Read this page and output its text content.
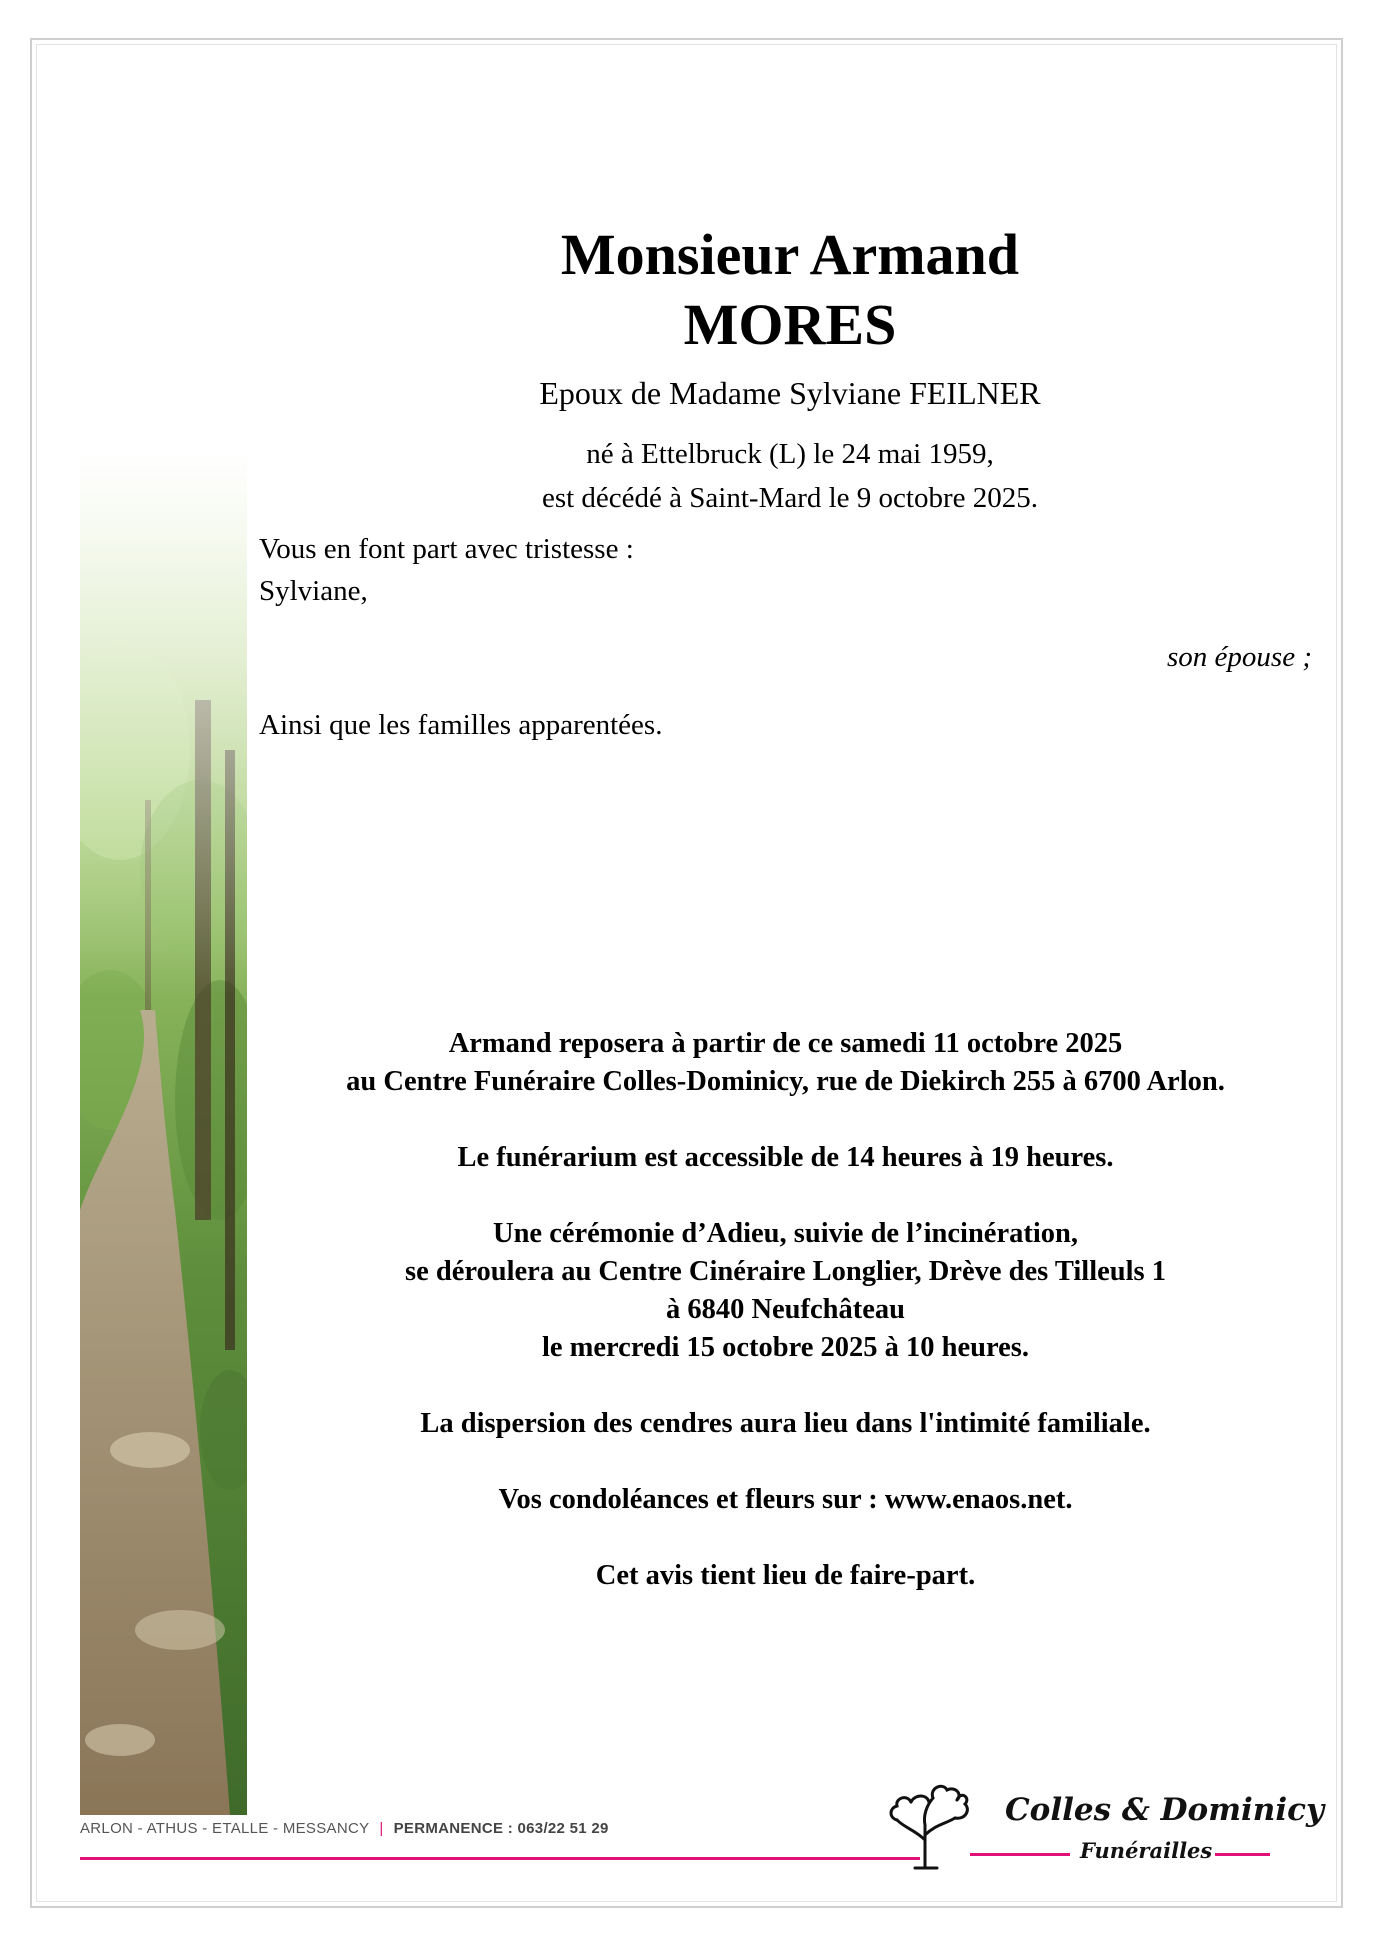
Monsieur Armand MORES
Epoux de Madame Sylviane FEILNER
né à Ettelbruck (L) le 24 mai 1959,
est décédé à Saint-Mard le 9 octobre 2025.
Vous en font part avec tristesse :
Sylviane,
son épouse ;
Ainsi que les familles apparentées.
Armand reposera à partir de ce samedi 11 octobre 2025
au Centre Funéraire Colles-Dominicy, rue de Diekirch 255 à 6700 Arlon.
Le funérarium est accessible de 14 heures à 19 heures.
Une cérémonie d’Adieu, suivie de l’incinération,
se déroulera au Centre Cinéraire Longlier, Drève des Tilleuls 1
à 6840 Neufchâteau
le mercredi 15 octobre 2025 à 10 heures.
La dispersion des cendres aura lieu dans l'intimité familiale.
Vos condoléances et fleurs sur : www.enaos.net.
Cet avis tient lieu de faire-part.
ARLON - ATHUS - ETALLE - MESSANCY | PERMANENCE : 063/22 51 29
Colles & Dominicy
Funérailles
